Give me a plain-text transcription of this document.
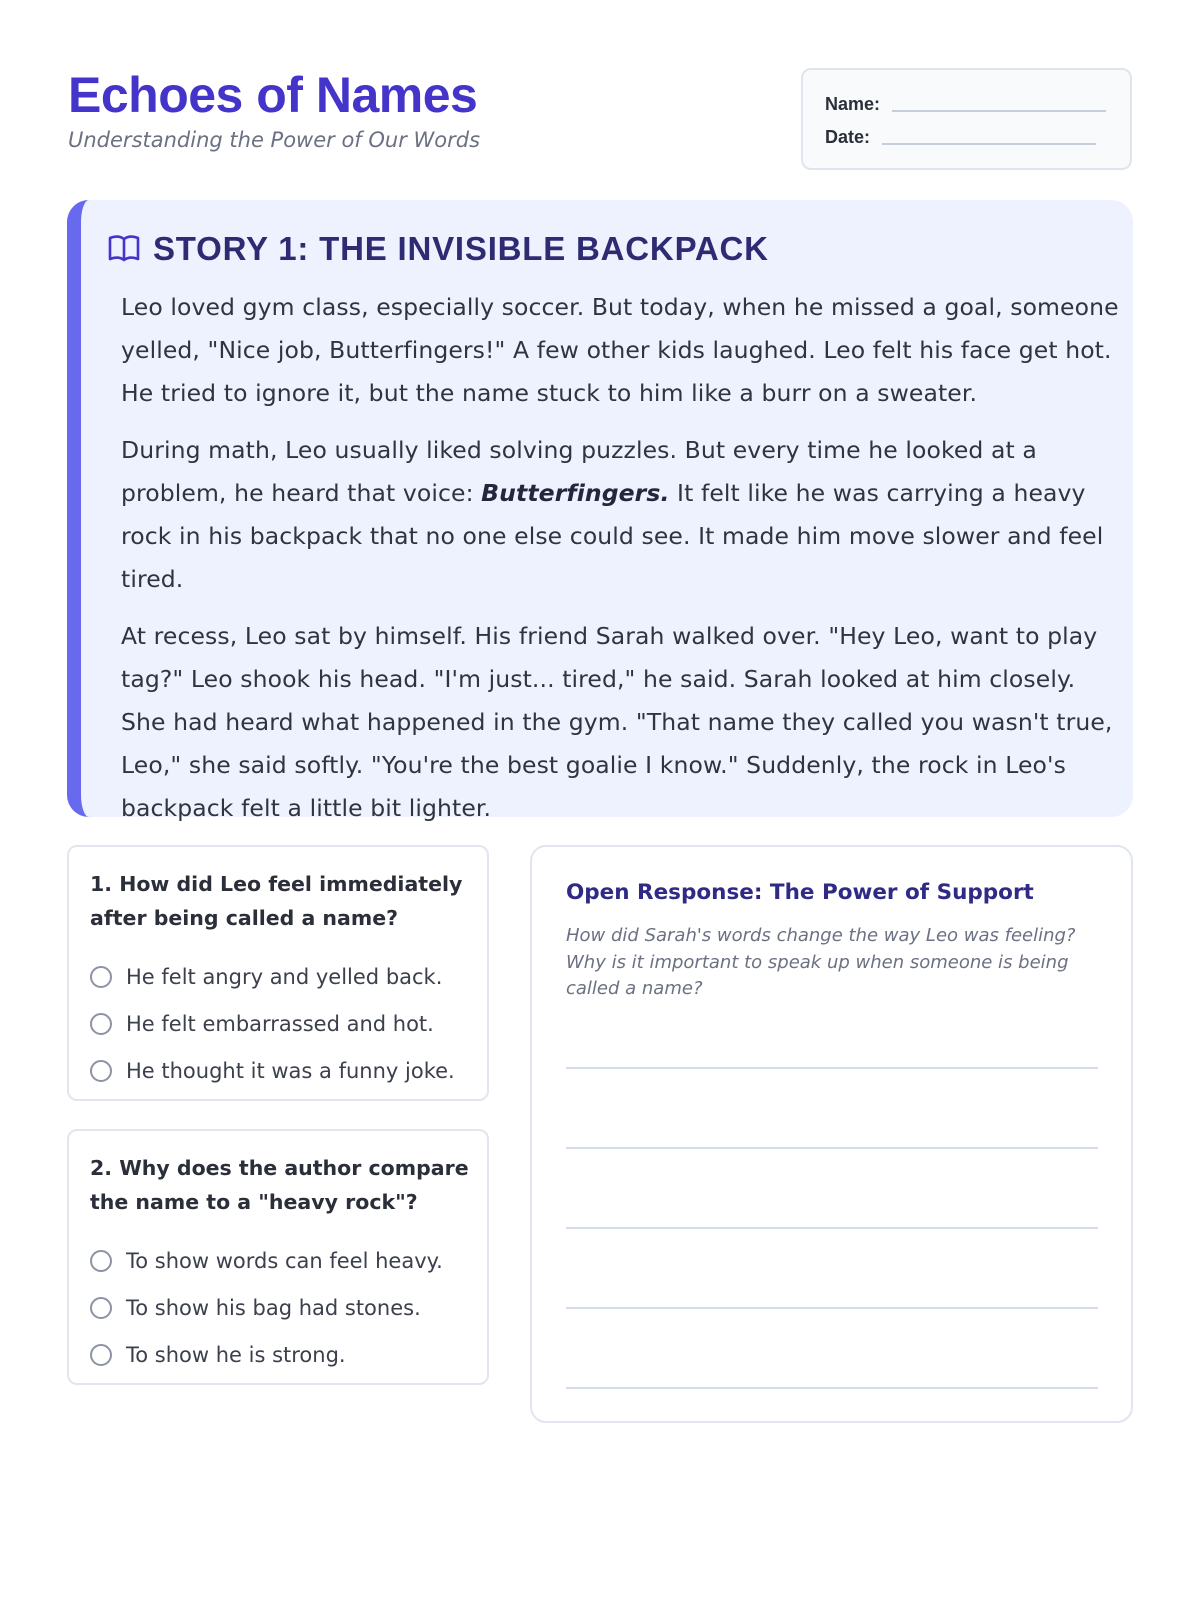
Echoes of Names
Understanding the Power of Our Words
Name:
Date:
STORY 1: THE INVISIBLE BACKPACK

Leo loved gym class, especially soccer. But today, when he missed a goal, someone yelled, "Nice job, Butterfingers!" A few other kids laughed. Leo felt his face get hot. He tried to ignore it, but the name stuck to him like a burr on a sweater.

During math, Leo usually liked solving puzzles. But every time he looked at a problem, he heard that voice: Butterfingers. It felt like he was carrying a heavy rock in his backpack that no one else could see. It made him move slower and feel tired.

At recess, Leo sat by himself. His friend Sarah walked over. "Hey Leo, want to play tag?" Leo shook his head. "I'm just... tired," he said. Sarah looked at him closely. She had heard what happened in the gym. "That name they called you wasn't true, Leo," she said softly. "You're the best goalie I know." Suddenly, the rock in Leo's backpack felt a little bit lighter.

1. How did Leo feel immediately after being called a name?

He felt angry and yelled back.
He felt embarrassed and hot.
He thought it was a funny joke.

2. Why does the author compare the name to a "heavy rock"?

To show words can feel heavy.
To show his bag had stones.
To show he is strong.
Open Response: The Power of Support
How did Sarah's words change the way Leo was feeling? Why is it important to speak up when someone is being called a name?
